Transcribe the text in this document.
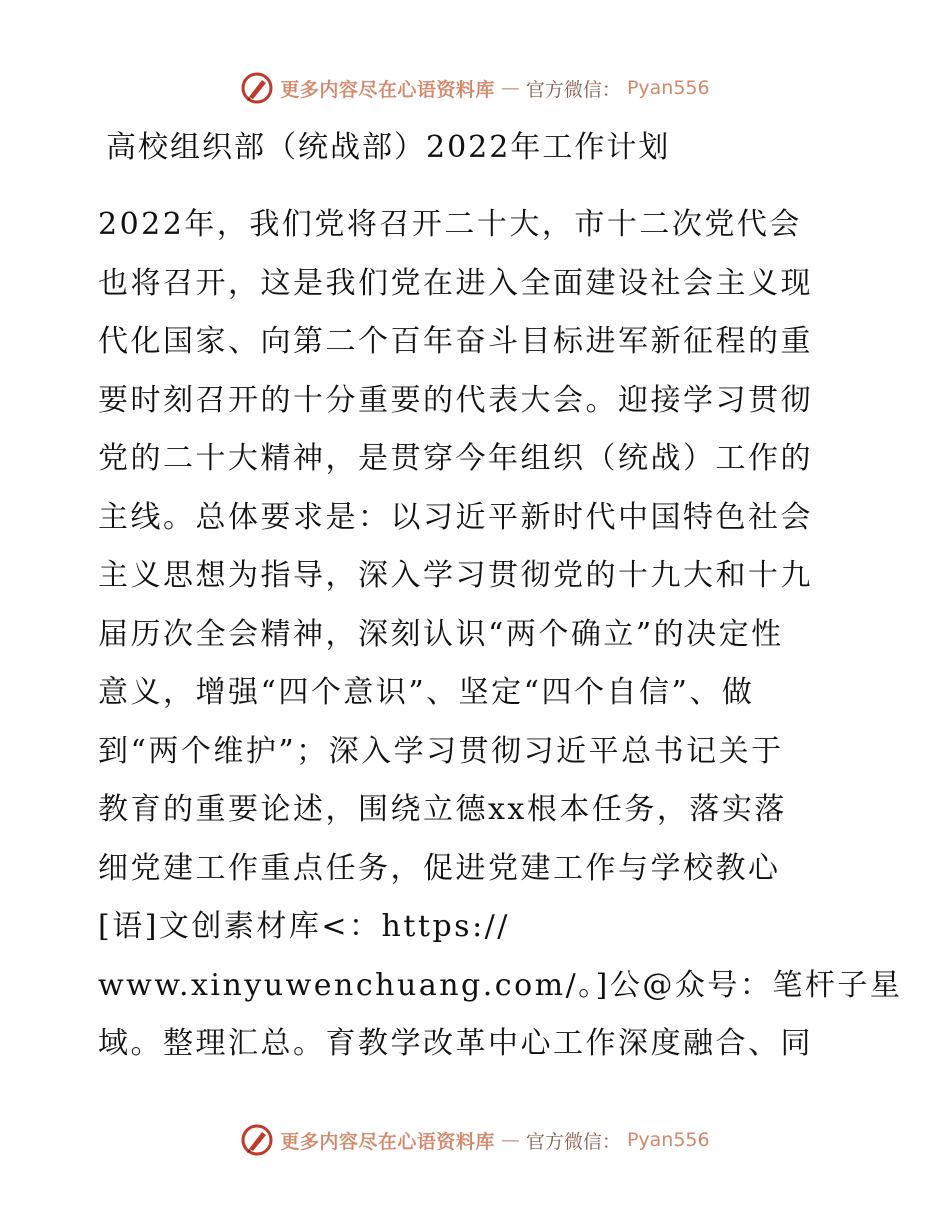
更多内容尽在心语资料库 — 官方微信： Pyan556
高校组织部（统战部）2022年工作计划
2022年，我们党将召开二十大，市十二次党代会
也将召开，这是我们党在进入全面建设社会主义现
代化国家、向第二个百年奋斗目标进军新征程的重
要时刻召开的十分重要的代表大会。迎接学习贯彻
党的二十大精神，是贯穿今年组织（统战）工作的
主线。总体要求是：以习近平新时代中国特色社会
主义思想为指导，深入学习贯彻党的十九大和十九
届历次全会精神，深刻认识“两个确立”的决定性
意义，增强“四个意识”、坚定“四个自信”、做
到“两个维护”；深入学习贯彻习近平总书记关于
教育的重要论述，围绕立德xx根本任务，落实落
细党建工作重点任务，促进党建工作与学校教心
[语]文创素材库<：https://
www.xinyuwenchuang.com/。]公@众号：笔杆子星
域。整理汇总。育教学改革中心工作深度融合、同
更多内容尽在心语资料库 — 官方微信： Pyan556
